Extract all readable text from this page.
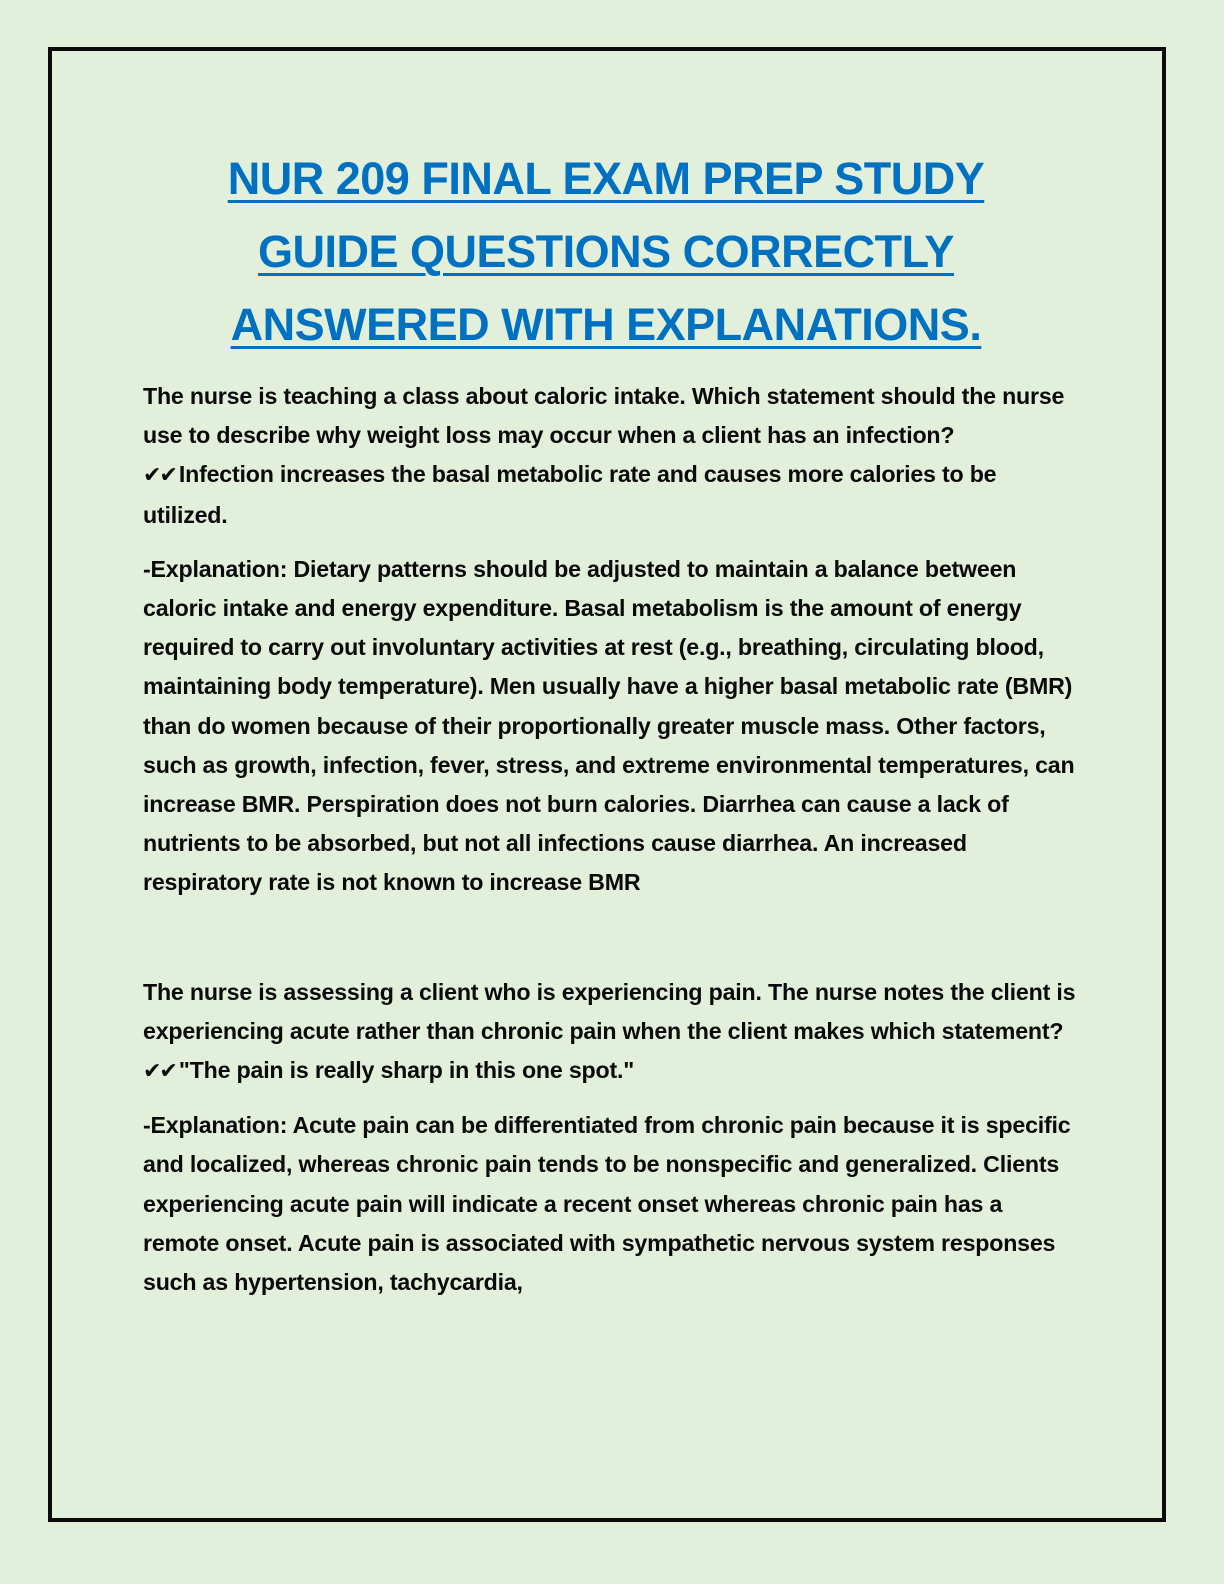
NUR 209 FINAL EXAM PREP STUDY
GUIDE QUESTIONS CORRECTLY
ANSWERED WITH EXPLANATIONS.

The nurse is teaching a class about caloric intake. Which statement should the nurse use to describe why weight loss may occur when a client has an infection?

✔✔ Infection increases the basal metabolic rate and causes more calories to be utilized.

-Explanation: Dietary patterns should be adjusted to maintain a balance between caloric intake and energy expenditure. Basal metabolism is the amount of energy required to carry out involuntary activities at rest (e.g., breathing, circulating blood, maintaining body temperature). Men usually have a higher basal metabolic rate (BMR) than do women because of their proportionally greater muscle mass. Other factors, such as growth, infection, fever, stress, and extreme environmental temperatures, can increase BMR. Perspiration does not burn calories. Diarrhea can cause a lack of nutrients to be absorbed, but not all infections cause diarrhea. An increased respiratory rate is not known to increase BMR

The nurse is assessing a client who is experiencing pain. The nurse notes the client is experiencing acute rather than chronic pain when the client makes which statement?

✔✔ "The pain is really sharp in this one spot."

-Explanation: Acute pain can be differentiated from chronic pain because it is specific and localized, whereas chronic pain tends to be nonspecific and generalized. Clients experiencing acute pain will indicate a recent onset whereas chronic pain has a remote onset. Acute pain is associated with sympathetic nervous system responses such as hypertension, tachycardia,
